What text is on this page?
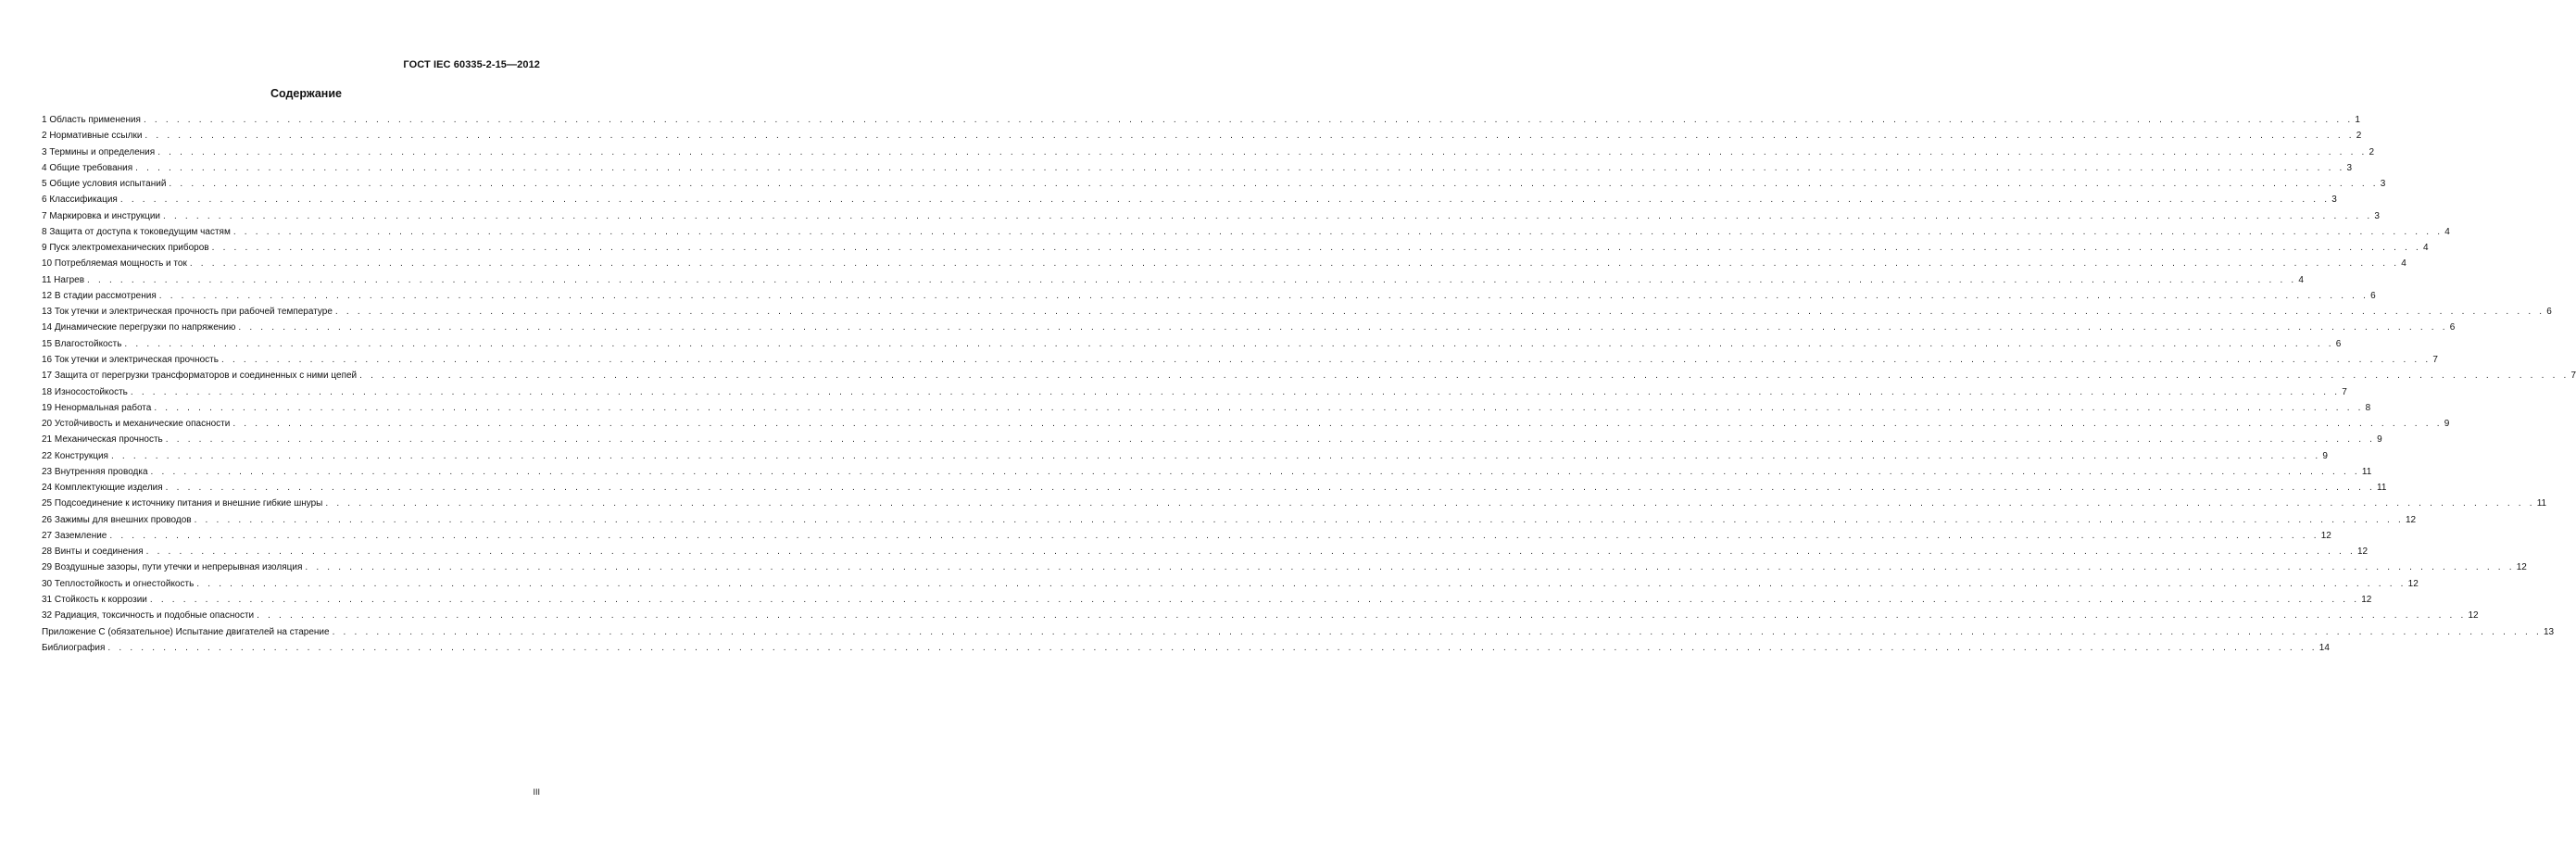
ГОСТ IEC 60335-2-15—2012
Содержание
1 Область применения . . . . . . . . . . . . . . . . . . . . . . . . . . . . . . . . . . . . . . . . . . . . . . . . . . . . . . . . . . . . . . . . . . . . . . . . . . . . . . . . . . . . . . . . . . . . . . . . . . . . . . . . . . . . . . . . . . . . . . . . . . . . . . . . . . . . . . . . . . . . . . . . . . . . . . . . . . . . . . . . . . . . . . . . . . . . . . . . . . . . . . . . . . . . . . . . . . . . . . . . 1
2 Нормативные ссылки . . . . . . . . . . . . . . . . . . . . . . . . . . . . . . . . . . . . . . . . . . . . . . . . . . . . . . . . . . . . . . . . . . . . . . . . . . . . . . . . . . . . . . . . . . . . . . . . . . . . . . . . . . . . . . . . . . . . . . . . . . . . . . . . . . . . . . . . . . . . . . . . . . . . . . . . . . . . . . . . . . . . . . . . . . . . . . . . . . . . . . . . . . . . . . . . . . . . . . . . 2
3 Термины и определения . . . . . . . . . . . . . . . . . . . . . . . . . . . . . . . . . . . . . . . . . . . . . . . . . . . . . . . . . . . . . . . . . . . . . . . . . . . . . . . . . . . . . . . . . . . . . . . . . . . . . . . . . . . . . . . . . . . . . . . . . . . . . . . . . . . . . . . . . . . . . . . . . . . . . . . . . . . . . . . . . . . . . . . . . . . . . . . . . . . . . . . . . . . . . . . . . . . . . . . . 2
4 Общие требования . . . . . . . . . . . . . . . . . . . . . . . . . . . . . . . . . . . . . . . . . . . . . . . . . . . . . . . . . . . . . . . . . . . . . . . . . . . . . . . . . . . . . . . . . . . . . . . . . . . . . . . . . . . . . . . . . . . . . . . . . . . . . . . . . . . . . . . . . . . . . . . . . . . . . . . . . . . . . . . . . . . . . . . . . . . . . . . . . . . . . . . . . . . . . . . . . . . . . . . . 3
5 Общие условия испытаний . . . . . . . . . . . . . . . . . . . . . . . . . . . . . . . . . . . . . . . . . . . . . . . . . . . . . . . . . . . . . . . . . . . . . . . . . . . . . . . . . . . . . . . . . . . . . . . . . . . . . . . . . . . . . . . . . . . . . . . . . . . . . . . . . . . . . . . . . . . . . . . . . . . . . . . . . . . . . . . . . . . . . . . . . . . . . . . . . . . . . . . . . . . . . . . . . . . . . . . . 3
6 Классификация . . . . . . . . . . . . . . . . . . . . . . . . . . . . . . . . . . . . . . . . . . . . . . . . . . . . . . . . . . . . . . . . . . . . . . . . . . . . . . . . . . . . . . . . . . . . . . . . . . . . . . . . . . . . . . . . . . . . . . . . . . . . . . . . . . . . . . . . . . . . . . . . . . . . . . . . . . . . . . . . . . . . . . . . . . . . . . . . . . . . . . . . . . . . . . . . . . . . . . . . 3
7 Маркировка и инструкции . . . . . . . . . . . . . . . . . . . . . . . . . . . . . . . . . . . . . . . . . . . . . . . . . . . . . . . . . . . . . . . . . . . . . . . . . . . . . . . . . . . . . . . . . . . . . . . . . . . . . . . . . . . . . . . . . . . . . . . . . . . . . . . . . . . . . . . . . . . . . . . . . . . . . . . . . . . . . . . . . . . . . . . . . . . . . . . . . . . . . . . . . . . . . . . . . . . . . . . . 3
8 Защита от доступа к токоведущим частям . . . . . . . . . . . . . . . . . . . . . . . . . . . . . . . . . . . . . . . . . . . . . . . . . . . . . . . . . . . . . . . . . . . . . . . . . . . . . . . . . . . . . . . . . . . . . . . . . . . . . . . . . . . . . . . . . . . . . . . . . . . . . . . . . . . . . . . . . . . . . . . . . . . . . . . . . . . . . . . . . . . . . . . . . . . . . . . . . . . . . . . . . . . . . . . . . . . . . . . . 4
9 Пуск электромеханических приборов . . . . . . . . . . . . . . . . . . . . . . . . . . . . . . . . . . . . . . . . . . . . . . . . . . . . . . . . . . . . . . . . . . . . . . . . . . . . . . . . . . . . . . . . . . . . . . . . . . . . . . . . . . . . . . . . . . . . . . . . . . . . . . . . . . . . . . . . . . . . . . . . . . . . . . . . . . . . . . . . . . . . . . . . . . . . . . . . . . . . . . . . . . . . . . . . . . . . . . . . 4
10 Потребляемая мощность и ток . . . . . . . . . . . . . . . . . . . . . . . . . . . . . . . . . . . . . . . . . . . . . . . . . . . . . . . . . . . . . . . . . . . . . . . . . . . . . . . . . . . . . . . . . . . . . . . . . . . . . . . . . . . . . . . . . . . . . . . . . . . . . . . . . . . . . . . . . . . . . . . . . . . . . . . . . . . . . . . . . . . . . . . . . . . . . . . . . . . . . . . . . . . . . . . . . . . . . . . . 4
11 Нагрев . . . . . . . . . . . . . . . . . . . . . . . . . . . . . . . . . . . . . . . . . . . . . . . . . . . . . . . . . . . . . . . . . . . . . . . . . . . . . . . . . . . . . . . . . . . . . . . . . . . . . . . . . . . . . . . . . . . . . . . . . . . . . . . . . . . . . . . . . . . . . . . . . . . . . . . . . . . . . . . . . . . . . . . . . . . . . . . . . . . . . . . . . . . . . . . . . . . . . . . . 4
12 В стадии рассмотрения . . . . . . . . . . . . . . . . . . . . . . . . . . . . . . . . . . . . . . . . . . . . . . . . . . . . . . . . . . . . . . . . . . . . . . . . . . . . . . . . . . . . . . . . . . . . . . . . . . . . . . . . . . . . . . . . . . . . . . . . . . . . . . . . . . . . . . . . . . . . . . . . . . . . . . . . . . . . . . . . . . . . . . . . . . . . . . . . . . . . . . . . . . . . . . . . . . . . . . . . 6
13 Ток утечки и электрическая прочность при рабочей температуре . . . . . . . . . . . . . . . . . . . . . . . . . . . . . . . . . . . . . . . . . . . . . . . . . . . . . . . . . . . . . . . . . . . . . . . . . . . . . . . . . . . . . . . . . . . . . . . . . . . . . . . . . . . . . . . . . . . . . . . . . . . . . . . . . . . . . . . . . . . . . . . . . . . . . . . . . . . . . . . . . . . . . . . . . . . . . . . . . . . . . . . . . . . . . . . . . . . . . . . . 6
14 Динамические перегрузки по напряжению . . . . . . . . . . . . . . . . . . . . . . . . . . . . . . . . . . . . . . . . . . . . . . . . . . . . . . . . . . . . . . . . . . . . . . . . . . . . . . . . . . . . . . . . . . . . . . . . . . . . . . . . . . . . . . . . . . . . . . . . . . . . . . . . . . . . . . . . . . . . . . . . . . . . . . . . . . . . . . . . . . . . . . . . . . . . . . . . . . . . . . . . . . . . . . . . . . . . . . . . 6
15 Влагостойкость . . . . . . . . . . . . . . . . . . . . . . . . . . . . . . . . . . . . . . . . . . . . . . . . . . . . . . . . . . . . . . . . . . . . . . . . . . . . . . . . . . . . . . . . . . . . . . . . . . . . . . . . . . . . . . . . . . . . . . . . . . . . . . . . . . . . . . . . . . . . . . . . . . . . . . . . . . . . . . . . . . . . . . . . . . . . . . . . . . . . . . . . . . . . . . . . . . . . . . . . 6
16 Ток утечки и электрическая прочность . . . . . . . . . . . . . . . . . . . . . . . . . . . . . . . . . . . . . . . . . . . . . . . . . . . . . . . . . . . . . . . . . . . . . . . . . . . . . . . . . . . . . . . . . . . . . . . . . . . . . . . . . . . . . . . . . . . . . . . . . . . . . . . . . . . . . . . . . . . . . . . . . . . . . . . . . . . . . . . . . . . . . . . . . . . . . . . . . . . . . . . . . . . . . . . . . . . . . . . . 7
17 Защита от перегрузки трансформаторов и соединенных с ними цепей . . . . . . . . . . . . . . . . . . . . . . . . . . . . . . . . . . . . . . . . . . . . . . . . . . . . . . . . . . . . . . . . . . . . . . . . . . . . . . . . . . . . . . . . . . . . . . . . . . . . . . . . . . . . . . . . . . . . . . . . . . . . . . . . . . . . . . . . . . . . . . . . . . . . . . . . . . . . . . . . . . . . . . . . . . . . . . . . . . . . . . . . . . . . . . . . . . . . . . . . 7
18 Износостойкость . . . . . . . . . . . . . . . . . . . . . . . . . . . . . . . . . . . . . . . . . . . . . . . . . . . . . . . . . . . . . . . . . . . . . . . . . . . . . . . . . . . . . . . . . . . . . . . . . . . . . . . . . . . . . . . . . . . . . . . . . . . . . . . . . . . . . . . . . . . . . . . . . . . . . . . . . . . . . . . . . . . . . . . . . . . . . . . . . . . . . . . . . . . . . . . . . . . . . . . . 7
19 Ненормальная работа . . . . . . . . . . . . . . . . . . . . . . . . . . . . . . . . . . . . . . . . . . . . . . . . . . . . . . . . . . . . . . . . . . . . . . . . . . . . . . . . . . . . . . . . . . . . . . . . . . . . . . . . . . . . . . . . . . . . . . . . . . . . . . . . . . . . . . . . . . . . . . . . . . . . . . . . . . . . . . . . . . . . . . . . . . . . . . . . . . . . . . . . . . . . . . . . . . . . . . . . 8
20 Устойчивость и механические опасности . . . . . . . . . . . . . . . . . . . . . . . . . . . . . . . . . . . . . . . . . . . . . . . . . . . . . . . . . . . . . . . . . . . . . . . . . . . . . . . . . . . . . . . . . . . . . . . . . . . . . . . . . . . . . . . . . . . . . . . . . . . . . . . . . . . . . . . . . . . . . . . . . . . . . . . . . . . . . . . . . . . . . . . . . . . . . . . . . . . . . . . . . . . . . . . . . . . . . . . . 9
21 Механическая прочность . . . . . . . . . . . . . . . . . . . . . . . . . . . . . . . . . . . . . . . . . . . . . . . . . . . . . . . . . . . . . . . . . . . . . . . . . . . . . . . . . . . . . . . . . . . . . . . . . . . . . . . . . . . . . . . . . . . . . . . . . . . . . . . . . . . . . . . . . . . . . . . . . . . . . . . . . . . . . . . . . . . . . . . . . . . . . . . . . . . . . . . . . . . . . . . . . . . . . . . . 9
22 Конструкция . . . . . . . . . . . . . . . . . . . . . . . . . . . . . . . . . . . . . . . . . . . . . . . . . . . . . . . . . . . . . . . . . . . . . . . . . . . . . . . . . . . . . . . . . . . . . . . . . . . . . . . . . . . . . . . . . . . . . . . . . . . . . . . . . . . . . . . . . . . . . . . . . . . . . . . . . . . . . . . . . . . . . . . . . . . . . . . . . . . . . . . . . . . . . . . . . . . . . . . . 9
23 Внутренняя проводка . . . . . . . . . . . . . . . . . . . . . . . . . . . . . . . . . . . . . . . . . . . . . . . . . . . . . . . . . . . . . . . . . . . . . . . . . . . . . . . . . . . . . . . . . . . . . . . . . . . . . . . . . . . . . . . . . . . . . . . . . . . . . . . . . . . . . . . . . . . . . . . . . . . . . . . . . . . . . . . . . . . . . . . . . . . . . . . . . . . . . . . . . . . . . . . . . . . . . . . . 11
24 Комплектующие изделия . . . . . . . . . . . . . . . . . . . . . . . . . . . . . . . . . . . . . . . . . . . . . . . . . . . . . . . . . . . . . . . . . . . . . . . . . . . . . . . . . . . . . . . . . . . . . . . . . . . . . . . . . . . . . . . . . . . . . . . . . . . . . . . . . . . . . . . . . . . . . . . . . . . . . . . . . . . . . . . . . . . . . . . . . . . . . . . . . . . . . . . . . . . . . . . . . . . . . . . . 11
25 Подсоединение к источнику питания и внешние гибкие шнуры . . . . . . . . . . . . . . . . . . . . . . . . . . . . . . . . . . . . . . . . . . . . . . . . . . . . . . . . . . . . . . . . . . . . . . . . . . . . . . . . . . . . . . . . . . . . . . . . . . . . . . . . . . . . . . . . . . . . . . . . . . . . . . . . . . . . . . . . . . . . . . . . . . . . . . . . . . . . . . . . . . . . . . . . . . . . . . . . . . . . . . . . . . . . . . . . . . . . . . . . 11
26 Зажимы для внешних проводов . . . . . . . . . . . . . . . . . . . . . . . . . . . . . . . . . . . . . . . . . . . . . . . . . . . . . . . . . . . . . . . . . . . . . . . . . . . . . . . . . . . . . . . . . . . . . . . . . . . . . . . . . . . . . . . . . . . . . . . . . . . . . . . . . . . . . . . . . . . . . . . . . . . . . . . . . . . . . . . . . . . . . . . . . . . . . . . . . . . . . . . . . . . . . . . . . . . . . . . . 12
27 Заземление . . . . . . . . . . . . . . . . . . . . . . . . . . . . . . . . . . . . . . . . . . . . . . . . . . . . . . . . . . . . . . . . . . . . . . . . . . . . . . . . . . . . . . . . . . . . . . . . . . . . . . . . . . . . . . . . . . . . . . . . . . . . . . . . . . . . . . . . . . . . . . . . . . . . . . . . . . . . . . . . . . . . . . . . . . . . . . . . . . . . . . . . . . . . . . . . . . . . . . . . 12
28 Винты и соединения . . . . . . . . . . . . . . . . . . . . . . . . . . . . . . . . . . . . . . . . . . . . . . . . . . . . . . . . . . . . . . . . . . . . . . . . . . . . . . . . . . . . . . . . . . . . . . . . . . . . . . . . . . . . . . . . . . . . . . . . . . . . . . . . . . . . . . . . . . . . . . . . . . . . . . . . . . . . . . . . . . . . . . . . . . . . . . . . . . . . . . . . . . . . . . . . . . . . . . . . 12
29 Воздушные зазоры, пути утечки и непрерывная изоляция . . . . . . . . . . . . . . . . . . . . . . . . . . . . . . . . . . . . . . . . . . . . . . . . . . . . . . . . . . . . . . . . . . . . . . . . . . . . . . . . . . . . . . . . . . . . . . . . . . . . . . . . . . . . . . . . . . . . . . . . . . . . . . . . . . . . . . . . . . . . . . . . . . . . . . . . . . . . . . . . . . . . . . . . . . . . . . . . . . . . . . . . . . . . . . . . . . . . . . . . 12
30 Теплостойкость и огнестойкость . . . . . . . . . . . . . . . . . . . . . . . . . . . . . . . . . . . . . . . . . . . . . . . . . . . . . . . . . . . . . . . . . . . . . . . . . . . . . . . . . . . . . . . . . . . . . . . . . . . . . . . . . . . . . . . . . . . . . . . . . . . . . . . . . . . . . . . . . . . . . . . . . . . . . . . . . . . . . . . . . . . . . . . . . . . . . . . . . . . . . . . . . . . . . . . . . . . . . . . . 12
31 Стойкость к коррозии . . . . . . . . . . . . . . . . . . . . . . . . . . . . . . . . . . . . . . . . . . . . . . . . . . . . . . . . . . . . . . . . . . . . . . . . . . . . . . . . . . . . . . . . . . . . . . . . . . . . . . . . . . . . . . . . . . . . . . . . . . . . . . . . . . . . . . . . . . . . . . . . . . . . . . . . . . . . . . . . . . . . . . . . . . . . . . . . . . . . . . . . . . . . . . . . . . . . . . . . 12
32 Радиация, токсичность и подобные опасности . . . . . . . . . . . . . . . . . . . . . . . . . . . . . . . . . . . . . . . . . . . . . . . . . . . . . . . . . . . . . . . . . . . . . . . . . . . . . . . . . . . . . . . . . . . . . . . . . . . . . . . . . . . . . . . . . . . . . . . . . . . . . . . . . . . . . . . . . . . . . . . . . . . . . . . . . . . . . . . . . . . . . . . . . . . . . . . . . . . . . . . . . . . . . . . . . . . . . . . . 12
Приложение С (обязательное) Испытание двигателей на старение . . . . . . . . . . . . . . . . . . . . . . . . . . . . . . . . . . . . . . . . . . . . . . . . . . . . . . . . . . . . . . . . . . . . . . . . . . . . . . . . . . . . . . . . . . . . . . . . . . . . . . . . . . . . . . . . . . . . . . . . . . . . . . . . . . . . . . . . . . . . . . . . . . . . . . . . . . . . . . . . . . . . . . . . . . . . . . . . . . . . . . . . . . . . . . . . . . . . . . . . 13
Библиография . . . . . . . . . . . . . . . . . . . . . . . . . . . . . . . . . . . . . . . . . . . . . . . . . . . . . . . . . . . . . . . . . . . . . . . . . . . . . . . . . . . . . . . . . . . . . . . . . . . . . . . . . . . . . . . . . . . . . . . . . . . . . . . . . . . . . . . . . . . . . . . . . . . . . . . . . . . . . . . . . . . . . . . . . . . . . . . . . . . . . . . . . . . . . . . . . . . . . . . . 14
III
